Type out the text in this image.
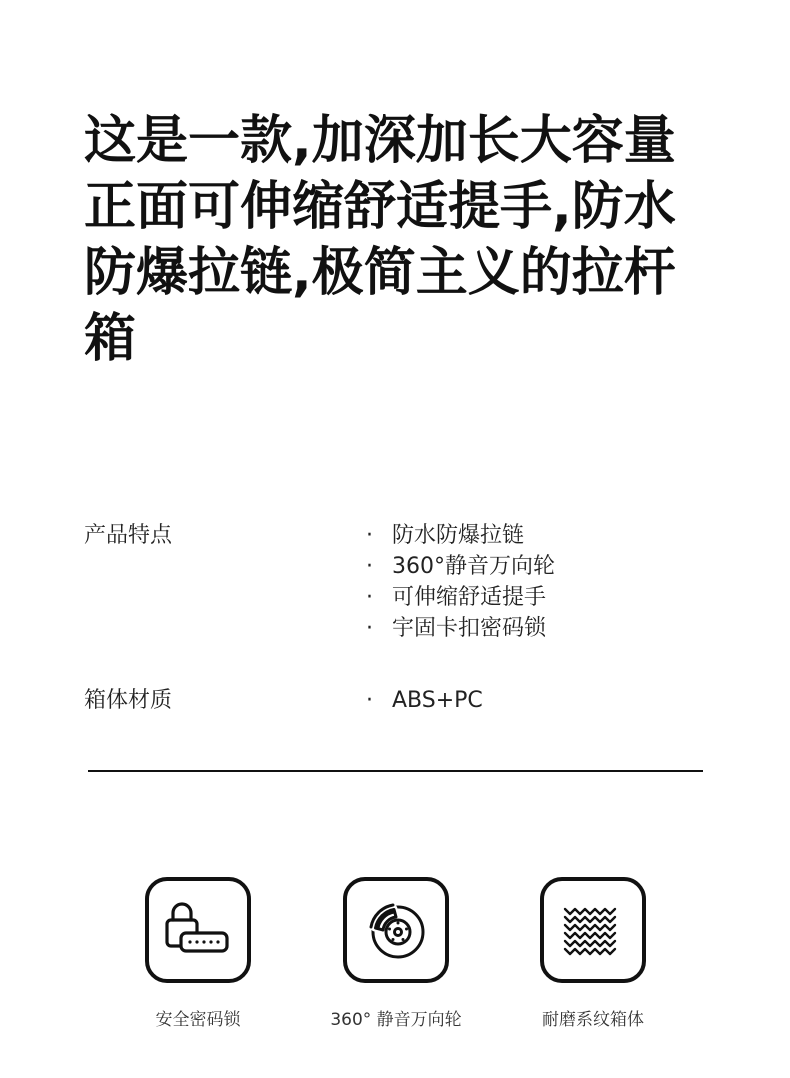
这是一款,加深加长大容量
正面可伸缩舒适提手,防水
防爆拉链,极简主义的拉杆
箱
产品特点	· 防水防爆拉链
· 360°静音万向轮
· 可伸缩舒适提手
· 宇固卡扣密码锁
箱体材质	· ABS+PC
安全密码锁	360° 静音万向轮	耐磨系纹箱体
